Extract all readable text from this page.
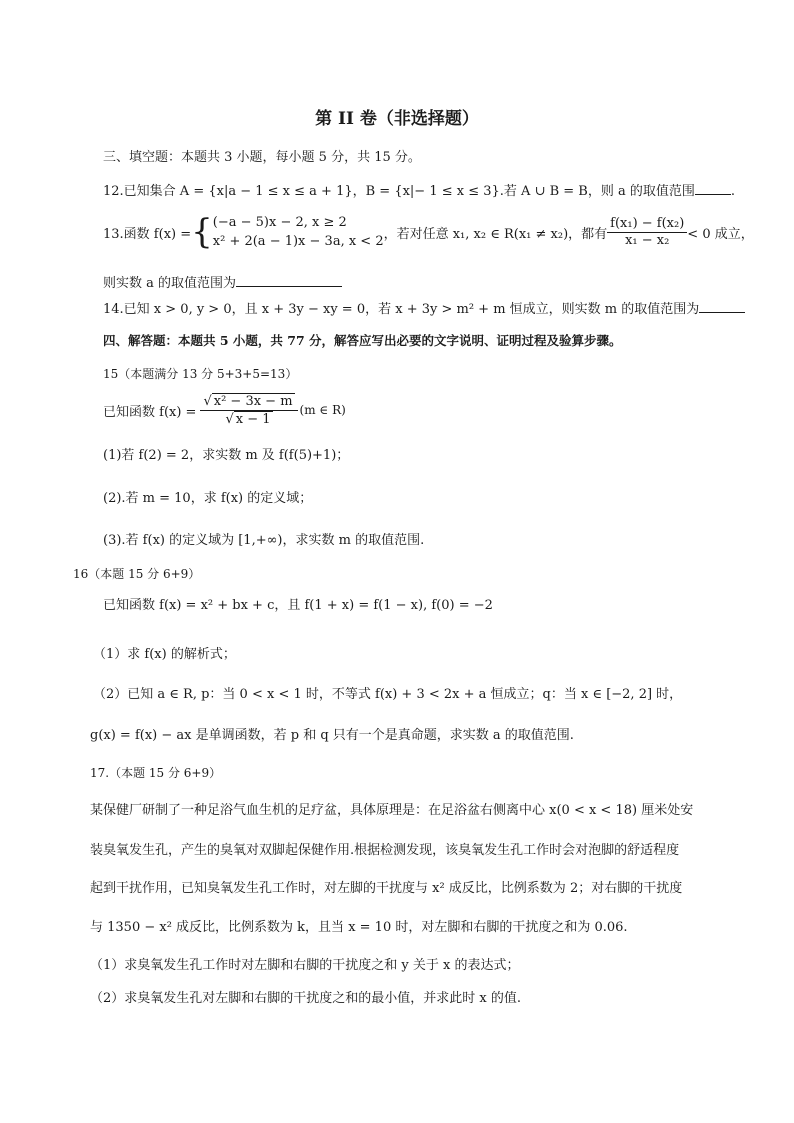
第 II 卷（非选择题）
三、填空题：本题共 3 小题，每小题 5 分，共 15 分。
12.已知集合 A = {x|a − 1 ≤ x ≤ a + 1}，B = {x|− 1 ≤ x ≤ 3}.若 A ∪ B = B，则 a 的取值范围	.
13.函数 f(x) = { (−a − 5)x − 2, x ≥ 2
x² + 2(a − 1)x − 3a, x < 2 ，若对任意 x₁, x₂ ∈ R(x₁ ≠ x₂)，都有 $\frac{\text{f(x₁) − f(x₂)}}{\text{x₁ − x₂}} < 0$ 成立，
则实数 a 的取值范围为
14.已知 x > 0, y > 0，且 x + 3y − xy = 0，若 x + 3y > m² + m 恒成立，则实数 m 的取值范围为
四、解答题：本题共 5 小题，共 77 分，解答应写出必要的文字说明、证明过程及验算步骤。
15（本题满分 13 分 5+3+5=13）
已知函数 $f(x) = \frac{\text{√ x² − 3x − m}}{√ x - 1} (m$ ∈ R)
(1)若 f(2) = 2，求实数 m 及 f(f(5)+1)；
(2).若 m = 10，求 f(x) 的定义域；
(3).若 f(x) 的定义域为 [1,+∞)，求实数 m 的取值范围.
16（本题 15 分 6+9）
已知函数 f(x) = x² + bx + c，且 f(1 + x) = f(1 − x), f(0) = −2
（1）求 f(x) 的解析式；
（2）已知 a ∈ R, p：当 0 < x < 1 时，不等式 f(x) + 3 < 2x + a 恒成立；q：当 x ∈ [−2, 2] 时，
g(x) = f(x) − ax 是单调函数，若 p 和 q 只有一个是真命题，求实数 a 的取值范围.
17.（本题 15 分 6+9）
某保健厂研制了一种足浴气血生机的足疗盆，具体原理是：在足浴盆右侧离中心 x(0 < x < 18) 厘米处安
装臭氧发生孔，产生的臭氧对双脚起保健作用.根据检测发现，该臭氧发生孔工作时会对泡脚的舒适程度
起到干扰作用，已知臭氧发生孔工作时，对左脚的干扰度与 x² 成反比，比例系数为 2；对右脚的干扰度
与 1350 − x² 成反比，比例系数为 k，且当 x = 10 时，对左脚和右脚的干扰度之和为 0.06.
（1）求臭氧发生孔工作时对左脚和右脚的干扰度之和 y 关于 x 的表达式；
（2）求臭氧发生孔对左脚和右脚的干扰度之和的最小值，并求此时 x 的值.
